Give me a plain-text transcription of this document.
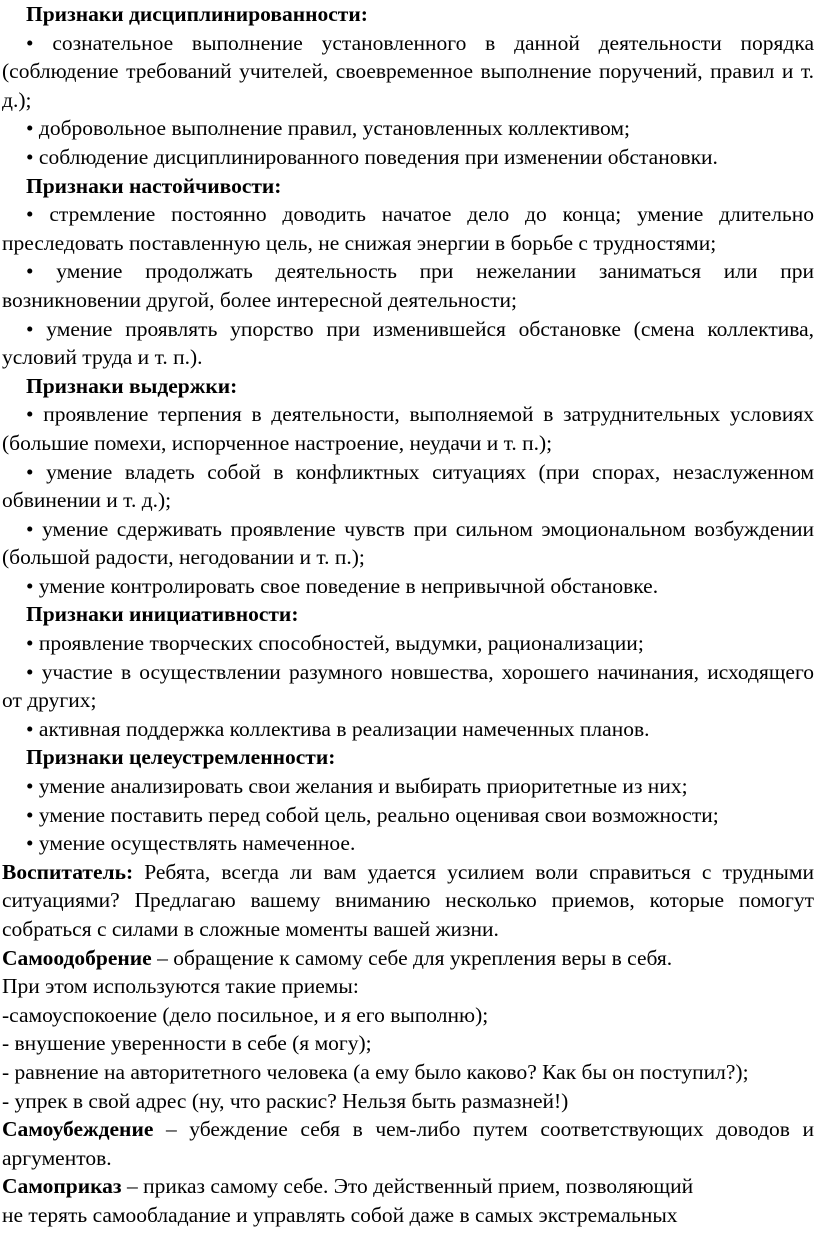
Признаки дисциплинированности:

• сознательное выполнение установленного в данной деятельности порядка (соблюдение требований учителей, своевременное выполнение поручений, правил и т. д.);

• добровольное выполнение правил, установленных коллективом;

• соблюдение дисциплинированного поведения при изменении обстановки.

Признаки настойчивости:

• стремление постоянно доводить начатое дело до конца; умение длительно преследовать поставленную цель, не снижая энергии в борьбе с трудностями;

• умение продолжать деятельность при нежелании заниматься или при возникновении другой, более интересной деятельности;

• умение проявлять упорство при изменившейся обстановке (смена коллектива, условий труда и т. п.).

Признаки выдержки:

• проявление терпения в деятельности, выполняемой в затруднительных условиях (большие помехи, испорченное настроение, неудачи и т. п.);

• умение владеть собой в конфликтных ситуациях (при спорах, незаслуженном обвинении и т. д.);

• умение сдерживать проявление чувств при сильном эмоциональном возбуждении (большой радости, негодовании и т. п.);

• умение контролировать свое поведение в непривычной обстановке.

Признаки инициативности:

• проявление творческих способностей, выдумки, рационализации;

• участие в осуществлении разумного новшества, хорошего начинания, исходящего от других;

• активная поддержка коллектива в реализации намеченных планов.

Признаки целеустремленности:

• умение анализировать свои желания и выбирать приоритетные из них;

• умение поставить перед собой цель, реально оценивая свои возможности;

• умение осуществлять намеченное.

Воспитатель: Ребята, всегда ли вам удается усилием воли справиться с трудными ситуациями? Предлагаю вашему вниманию несколько приемов, которые помогут собраться с силами в сложные моменты вашей жизни.

Самоодобрение – обращение к самому себе для укрепления веры в себя.

При этом используются такие приемы:

-самоуспокоение (дело посильное, и я его выполню);

- внушение уверенности в себе (я могу);

- равнение на авторитетного человека (а ему было каково? Как бы он поступил?);

- упрек в свой адрес (ну, что раскис? Нельзя быть размазней!)

Самоубеждение – убеждение себя в чем-либо путем соответствующих доводов и аргументов.

Самоприказ – приказ самому себе. Это действенный прием, позволяющий
не терять самообладание и управлять собой даже в самых экстремальных
